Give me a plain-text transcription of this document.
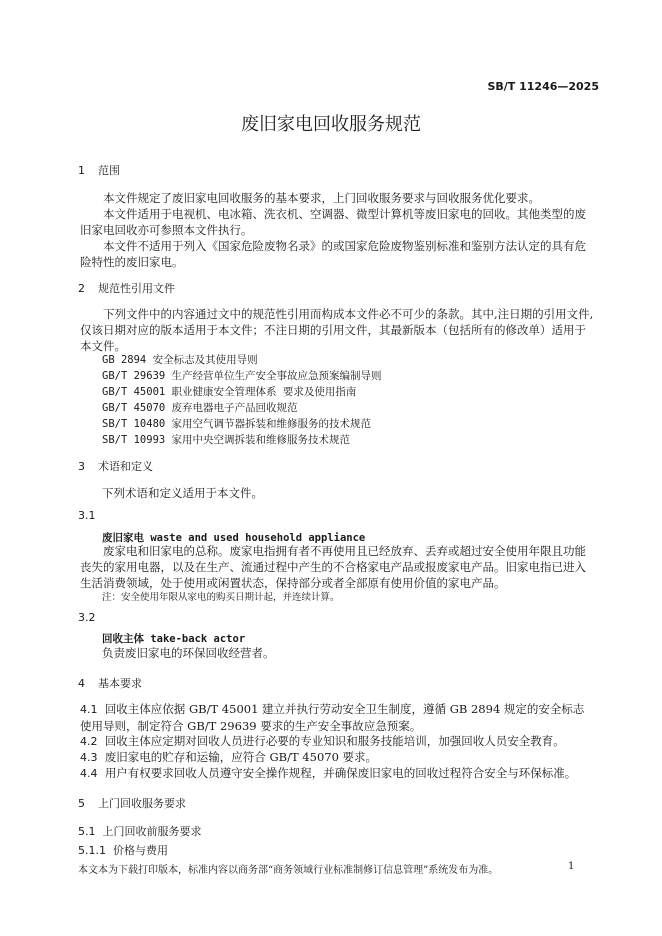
SB/T 11246—2025
废旧家电回收服务规范
1 范围
本文件规定了废旧家电回收服务的基本要求，上门回收服务要求与回收服务优化要求。
本文件适用于电视机、电冰箱、洗衣机、空调器、微型计算机等废旧家电的回收。其他类型的废旧家电回收亦可参照本文件执行。
本文件不适用于列入《国家危险废物名录》的或国家危险废物鉴别标准和鉴别方法认定的具有危险特性的废旧家电。
2 规范性引用文件
下列文件中的内容通过文中的规范性引用而构成本文件必不可少的条款。其中,注日期的引用文件,仅该日期对应的版本适用于本文件；不注日期的引用文件，其最新版本（包括所有的修改单）适用于本文件。
GB 2894 安全标志及其使用导则
GB/T 29639 生产经营单位生产安全事故应急预案编制导则
GB/T 45001 职业健康安全管理体系 要求及使用指南
GB/T 45070 废弃电器电子产品回收规范
SB/T 10480 家用空气调节器拆装和维修服务的技术规范
SB/T 10993 家用中央空调拆装和维修服务技术规范
3 术语和定义
下列术语和定义适用于本文件。
3.1
废旧家电 waste and used household appliance
废家电和旧家电的总称。废家电指拥有者不再使用且已经放弃、丢弃或超过安全使用年限且功能丧失的家用电器，以及在生产、流通过程中产生的不合格家电产品或报废家电产品。旧家电指已进入生活消费领域，处于使用或闲置状态，保持部分或者全部原有使用价值的家电产品。
注：安全使用年限从家电的购买日期计起，并连续计算。
3.2
回收主体 take-back actor
负责废旧家电的环保回收经营者。
4 基本要求
4.1 回收主体应依据 GB/T 45001 建立并执行劳动安全卫生制度，遵循 GB 2894 规定的安全标志使用导则，制定符合 GB/T 29639 要求的生产安全事故应急预案。
4.2 回收主体应定期对回收人员进行必要的专业知识和服务技能培训，加强回收人员安全教育。
4.3 废旧家电的贮存和运输，应符合 GB/T 45070 要求。
4.4 用户有权要求回收人员遵守安全操作规程，并确保废旧家电的回收过程符合安全与环保标准。
5 上门回收服务要求
5.1 上门回收前服务要求
5.1.1 价格与费用
本文本为下载打印版本，标准内容以商务部“商务领域行业标准制修订信息管理”系统发布为准。	1
